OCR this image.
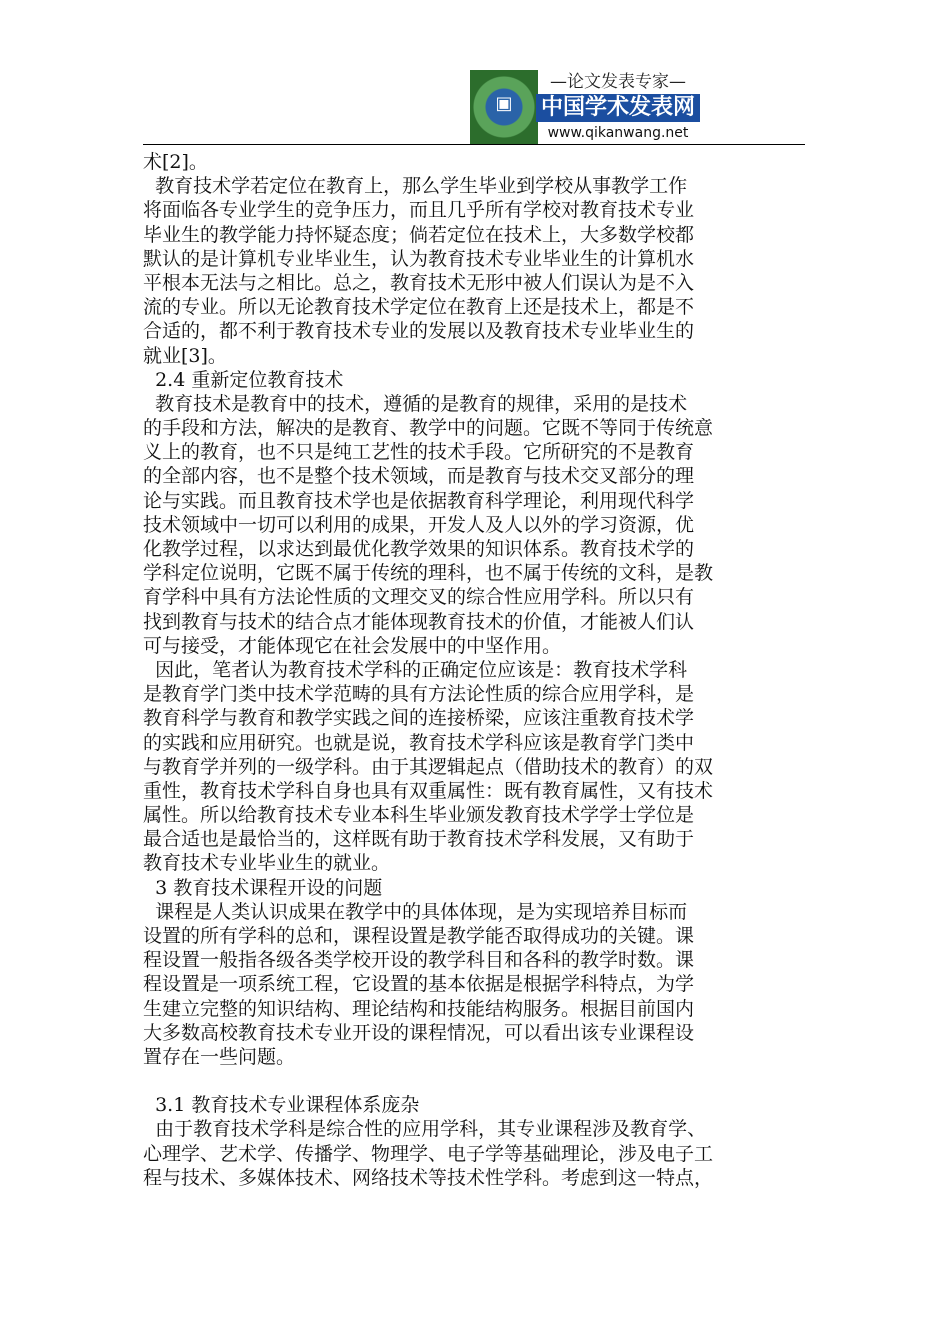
▣
—论文发表专家—
中国学术发表网
www.qikanwang.net
术[2]。
教育技术学若定位在教育上，那么学生毕业到学校从事教学工作
将面临各专业学生的竞争压力，而且几乎所有学校对教育技术专业
毕业生的教学能力持怀疑态度；倘若定位在技术上，大多数学校都
默认的是计算机专业毕业生，认为教育技术专业毕业生的计算机水
平根本无法与之相比。总之，教育技术无形中被人们误认为是不入
流的专业。所以无论教育技术学定位在教育上还是技术上，都是不
合适的，都不利于教育技术专业的发展以及教育技术专业毕业生的
就业[3]。
2.4 重新定位教育技术
教育技术是教育中的技术，遵循的是教育的规律，采用的是技术
的手段和方法，解决的是教育、教学中的问题。它既不等同于传统意
义上的教育，也不只是纯工艺性的技术手段。它所研究的不是教育
的全部内容，也不是整个技术领域，而是教育与技术交叉部分的理
论与实践。而且教育技术学也是依据教育科学理论，利用现代科学
技术领域中一切可以利用的成果，开发人及人以外的学习资源，优
化教学过程，以求达到最优化教学效果的知识体系。教育技术学的
学科定位说明，它既不属于传统的理科，也不属于传统的文科，是教
育学科中具有方法论性质的文理交叉的综合性应用学科。所以只有
找到教育与技术的结合点才能体现教育技术的价值，才能被人们认
可与接受，才能体现它在社会发展中的中坚作用。
因此，笔者认为教育技术学科的正确定位应该是：教育技术学科
是教育学门类中技术学范畴的具有方法论性质的综合应用学科，是
教育科学与教育和教学实践之间的连接桥梁，应该注重教育技术学
的实践和应用研究。也就是说，教育技术学科应该是教育学门类中
与教育学并列的一级学科。由于其逻辑起点（借助技术的教育）的双
重性，教育技术学科自身也具有双重属性：既有教育属性，又有技术
属性。所以给教育技术专业本科生毕业颁发教育技术学学士学位是
最合适也是最恰当的，这样既有助于教育技术学科发展，又有助于
教育技术专业毕业生的就业。
3 教育技术课程开设的问题
课程是人类认识成果在教学中的具体体现，是为实现培养目标而
设置的所有学科的总和，课程设置是教学能否取得成功的关键。课
程设置一般指各级各类学校开设的教学科目和各科的教学时数。课
程设置是一项系统工程，它设置的基本依据是根据学科特点，为学
生建立完整的知识结构、理论结构和技能结构服务。根据目前国内
大多数高校教育技术专业开设的课程情况，可以看出该专业课程设
置存在一些问题。
3.1 教育技术专业课程体系庞杂
由于教育技术学科是综合性的应用学科，其专业课程涉及教育学、
心理学、艺术学、传播学、物理学、电子学等基础理论，涉及电子工
程与技术、多媒体技术、网络技术等技术性学科。考虑到这一特点，
